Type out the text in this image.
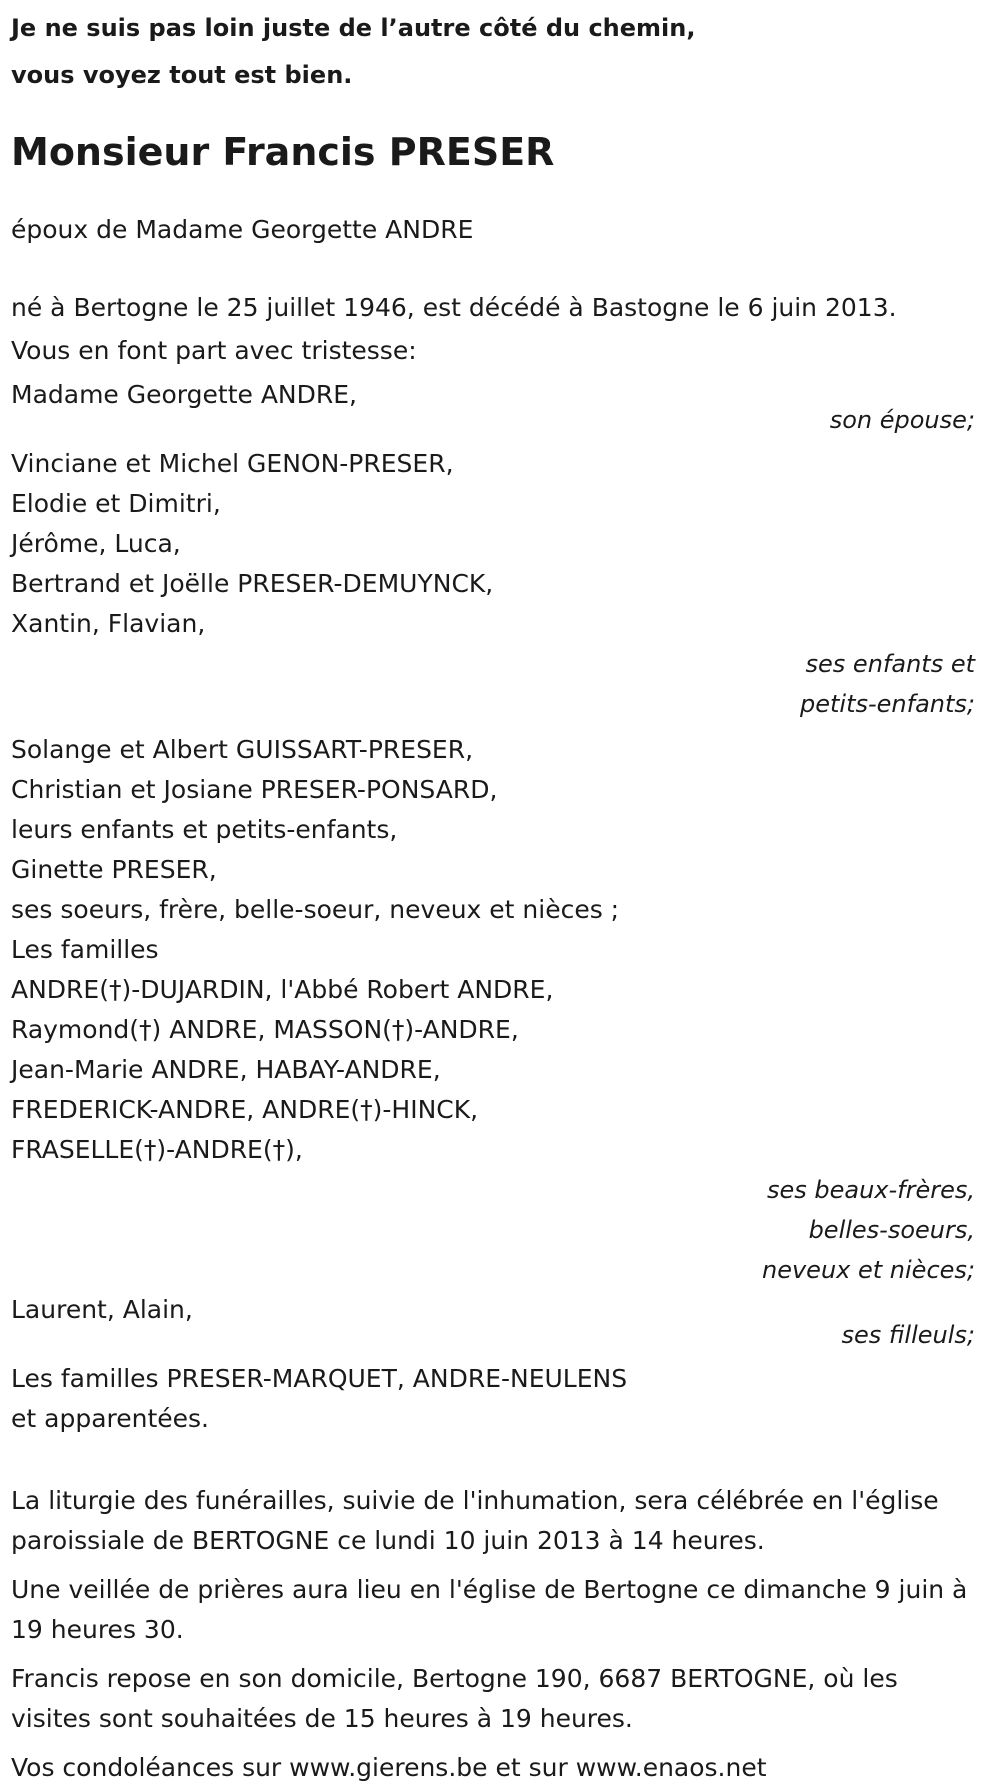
Je ne suis pas loin juste de l’autre côté du chemin,

vous voyez tout est bien.

Monsieur Francis PRESER

époux de Madame Georgette ANDRE

né à Bertogne le 25 juillet 1946, est décédé à Bastogne le 6 juin 2013.

Vous en font part avec tristesse:

Madame Georgette ANDRE,
son épouse;
Vinciane et Michel GENON-PRESER,
Elodie et Dimitri,
Jérôme, Luca,
Bertrand et Joëlle PRESER-DEMUYNCK,
Xantin, Flavian,
ses enfants et
petits-enfants;
Solange et Albert GUISSART-PRESER,
Christian et Josiane PRESER-PONSARD,
leurs enfants et petits-enfants,
Ginette PRESER,
ses soeurs, frère, belle-soeur, neveux et nièces ;
Les familles
ANDRE(†)-DUJARDIN, l'Abbé Robert ANDRE,
Raymond(†) ANDRE, MASSON(†)-ANDRE,
Jean-Marie ANDRE, HABAY-ANDRE,
FREDERICK-ANDRE, ANDRE(†)-HINCK,
FRASELLE(†)-ANDRE(†),
ses beaux-frères,
belles-soeurs,
neveux et nièces;
Laurent, Alain,
ses filleuls;
Les familles PRESER-MARQUET, ANDRE-NEULENS
et apparentées.

La liturgie des funérailles, suivie de l'inhumation, sera célébrée en l'église paroissiale de BERTOGNE ce lundi 10 juin 2013 à 14 heures.

Une veillée de prières aura lieu en l'église de Bertogne ce dimanche 9 juin à 19 heures 30.

Francis repose en son domicile, Bertogne 190, 6687 BERTOGNE, où les visites sont souhaitées de 15 heures à 19 heures.

Vos condoléances sur www.gierens.be et sur www.enaos.net
